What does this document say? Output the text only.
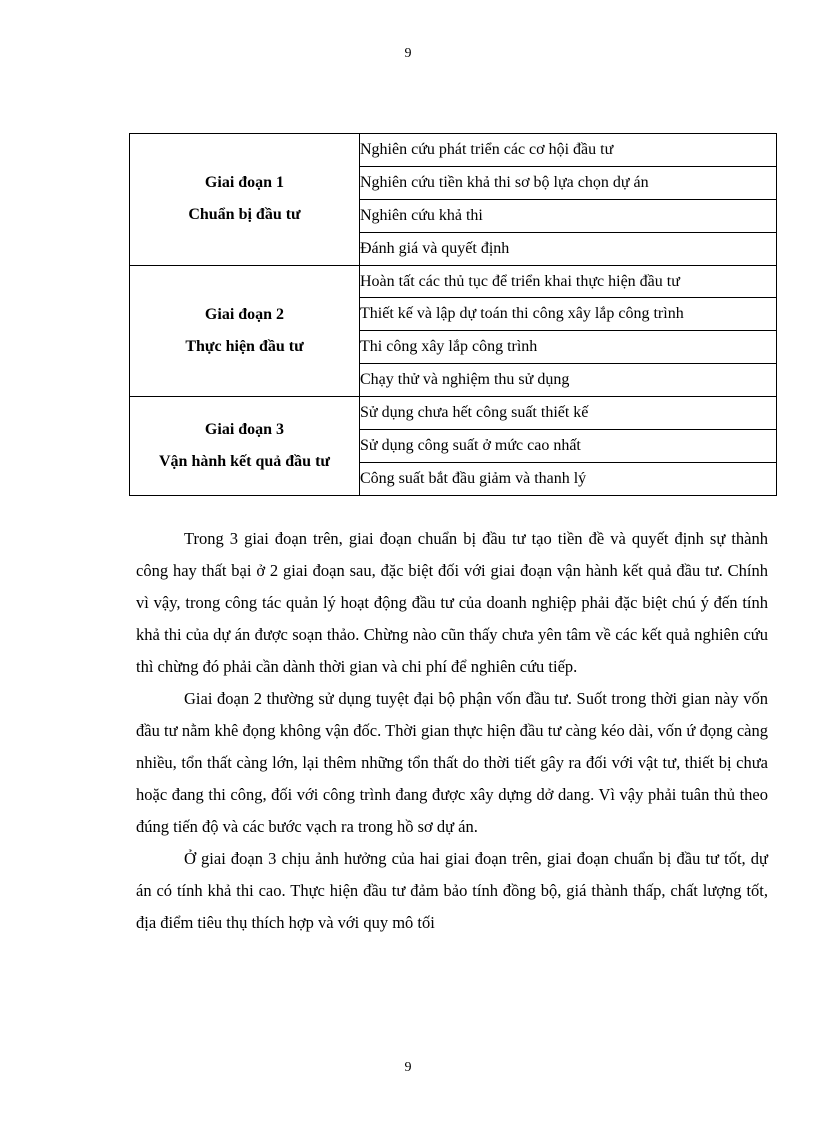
9
Giai đoạn 1
Chuẩn bị đầu tư	Nghiên cứu phát triển các cơ hội đầu tư
	Nghiên cứu tiền khả thi sơ bộ lựa chọn dự án
	Nghiên cứu khả thi
	Đánh giá và quyết định

Giai đoạn 2
Thực hiện đầu tư	Hoàn tất các thủ tục để triển khai thực hiện đầu tư
	Thiết kế và lập dự toán thi công xây lắp công trình
	Thi công xây lắp công trình
	Chạy thử và nghiệm thu sử dụng

Giai đoạn 3
Vận hành kết quả đầu tư	Sử dụng chưa hết công suất thiết kế
	Sử dụng công suất ở mức cao nhất
	Công suất bắt đầu giảm và thanh lý

Trong 3 giai đoạn trên, giai đoạn chuẩn bị đầu tư tạo tiền đề và quyết định sự thành công hay thất bại ở 2 giai đoạn sau, đặc biệt đối với giai đoạn vận hành kết quả đầu tư. Chính vì vậy, trong công tác quản lý hoạt động đầu tư của doanh nghiệp phải đặc biệt chú ý đến tính khả thi của dự án được soạn thảo. Chừng nào cũn thấy chưa yên tâm về các kết quả nghiên cứu thì chừng đó phải cần dành thời gian và chi phí để nghiên cứu tiếp.

Giai đoạn 2 thường sử dụng tuyệt đại bộ phận vốn đầu tư. Suốt trong thời gian này vốn đầu tư nằm khê đọng không vận đốc. Thời gian thực hiện đầu tư càng kéo dài, vốn ứ đọng càng nhiều, tổn thất càng lớn, lại thêm những tổn thất do thời tiết gây ra đối với vật tư, thiết bị chưa hoặc đang thi công, đối với công trình đang được xây dựng dở dang. Vì vậy phải tuân thủ theo đúng tiến độ và các bước vạch ra trong hồ sơ dự án.

Ở giai đoạn 3 chịu ảnh hưởng của hai giai đoạn trên, giai đoạn chuẩn bị đầu tư tốt, dự án có tính khả thi cao. Thực hiện đầu tư đảm bảo tính đồng bộ, giá thành thấp, chất lượng tốt, địa điểm tiêu thụ thích hợp và với quy mô tối

9
